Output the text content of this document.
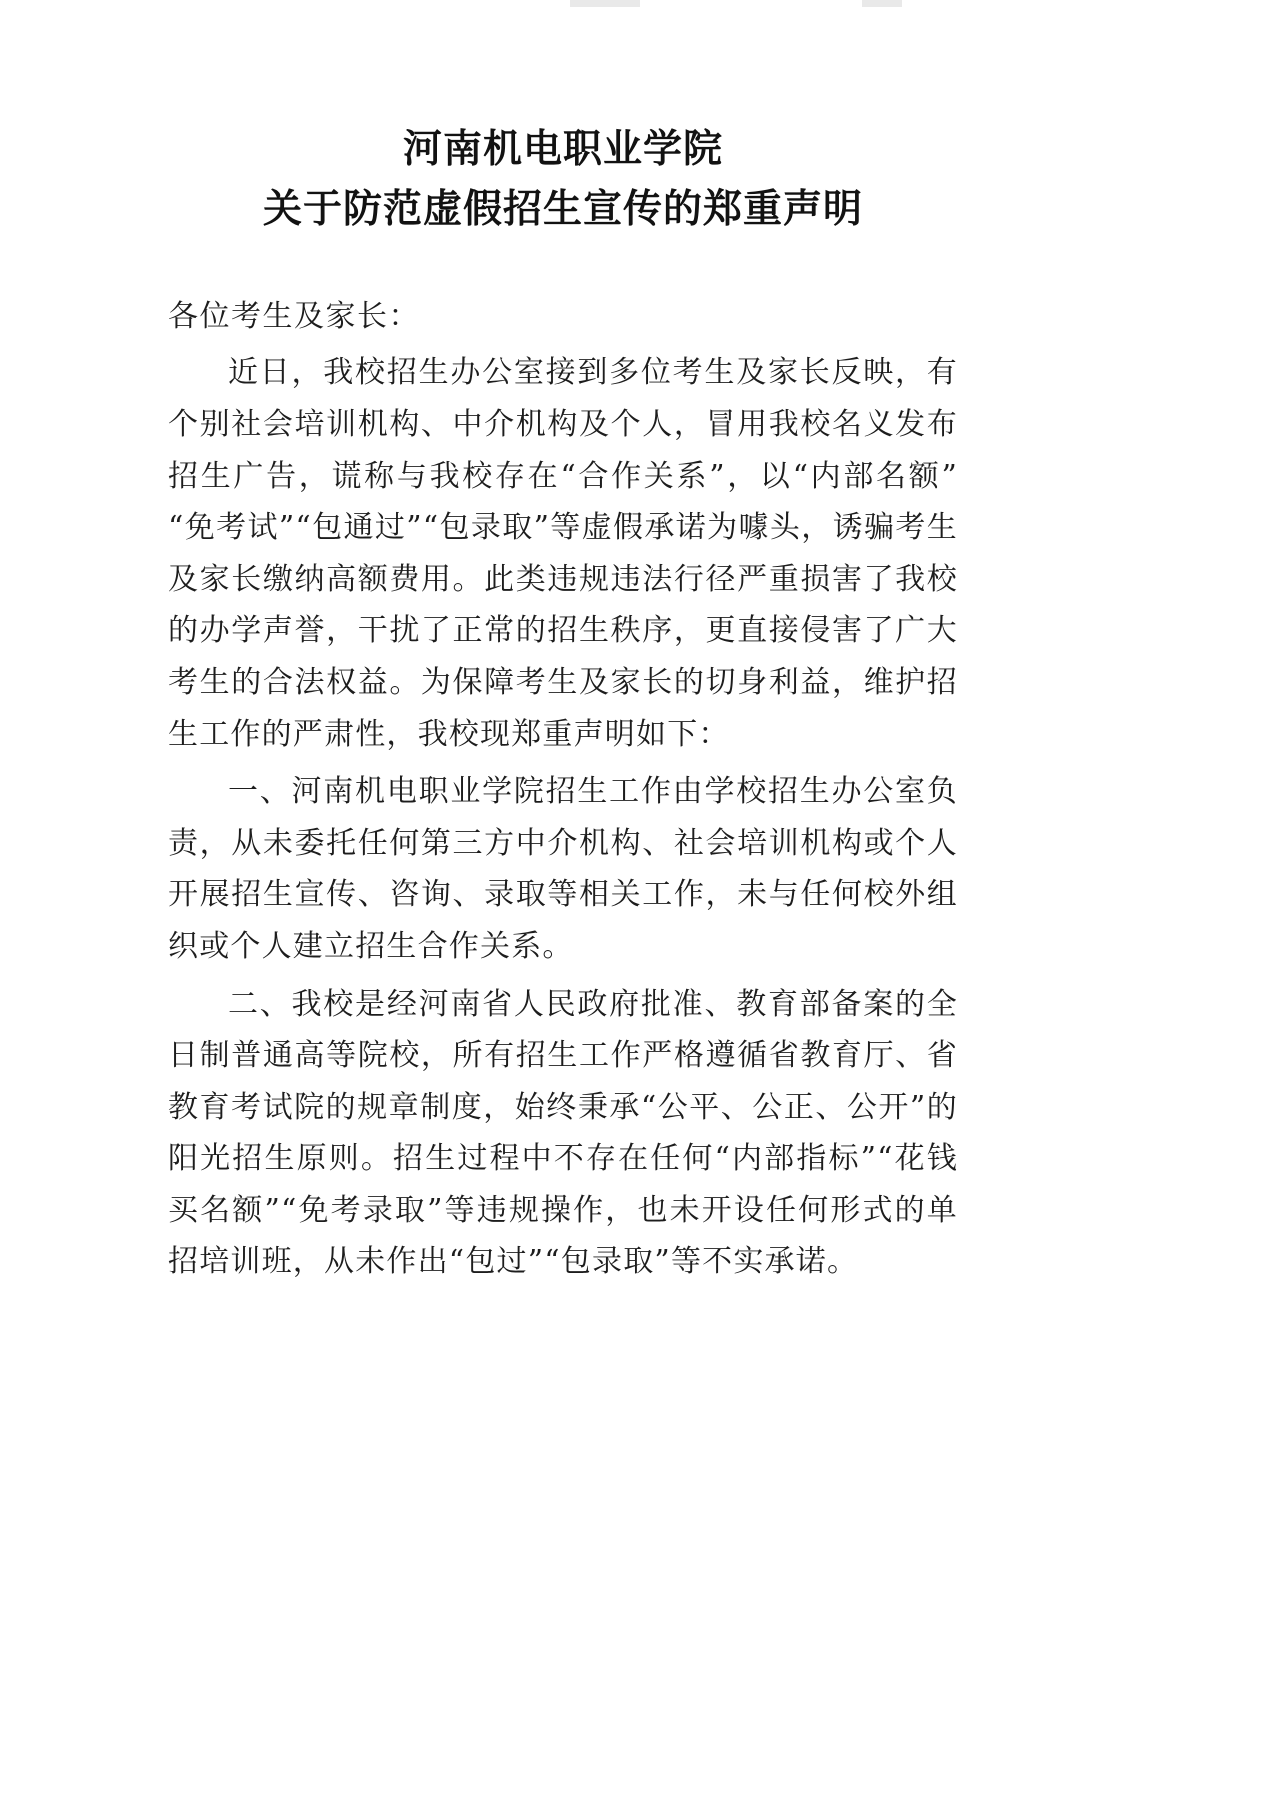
河南机电职业学院
关于防范虚假招生宣传的郑重声明

各位考生及家长：

近日，我校招生办公室接到多位考生及家长反映，有个别社会培训机构、中介机构及个人，冒用我校名义发布招生广告，谎称与我校存在“合作关系”，以“内部名额”“免考试”“包通过”“包录取”等虚假承诺为噱头，诱骗考生及家长缴纳高额费用。此类违规违法行径严重损害了我校的办学声誉，干扰了正常的招生秩序，更直接侵害了广大考生的合法权益。为保障考生及家长的切身利益，维护招生工作的严肃性，我校现郑重声明如下：

一、河南机电职业学院招生工作由学校招生办公室负责，从未委托任何第三方中介机构、社会培训机构或个人开展招生宣传、咨询、录取等相关工作，未与任何校外组织或个人建立招生合作关系。

二、我校是经河南省人民政府批准、教育部备案的全日制普通高等院校，所有招生工作严格遵循省教育厅、省教育考试院的规章制度，始终秉承“公平、公正、公开”的阳光招生原则。招生过程中不存在任何“内部指标”“花钱买名额”“免考录取”等违规操作，也未开设任何形式的单招培训班，从未作出“包过”“包录取”等不实承诺。
